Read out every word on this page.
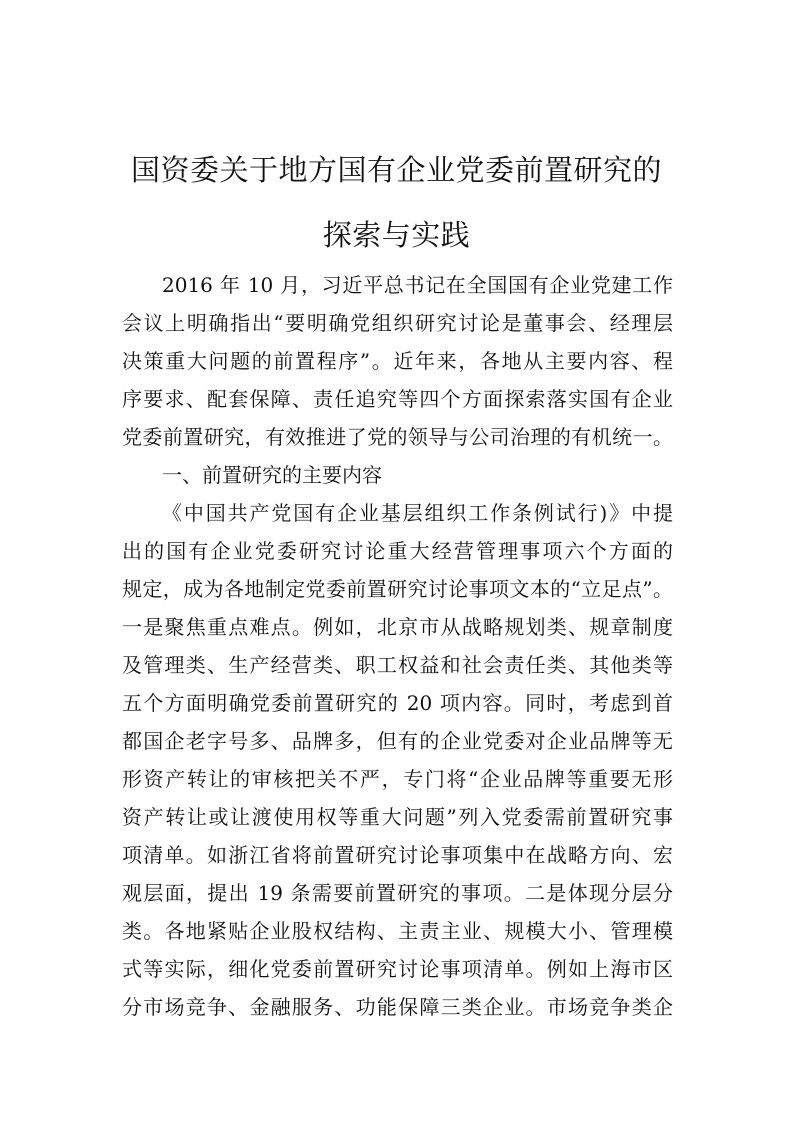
国资委关于地方国有企业党委前置研究的
探索与实践
2016 年 10 月，习近平总书记在全国国有企业党建工作
会议上明确指出“要明确党组织研究讨论是董事会、经理层
决策重大问题的前置程序”。近年来，各地从主要内容、程
序要求、配套保障、责任追究等四个方面探索落实国有企业
党委前置研究，有效推进了党的领导与公司治理的有机统一。
一、前置研究的主要内容
《中国共产党国有企业基层组织工作条例试行)》中提
出的国有企业党委研究讨论重大经营管理事项六个方面的
规定，成为各地制定党委前置研究讨论事项文本的“立足点”。
一是聚焦重点难点。例如，北京市从战略规划类、规章制度
及管理类、生产经营类、职工权益和社会责任类、其他类等
五个方面明确党委前置研究的 20 项内容。同时，考虑到首
都国企老字号多、品牌多，但有的企业党委对企业品牌等无
形资产转让的审核把关不严，专门将“企业品牌等重要无形
资产转让或让渡使用权等重大问题”列入党委需前置研究事
项清单。如浙江省将前置研究讨论事项集中在战略方向、宏
观层面，提出 19 条需要前置研究的事项。二是体现分层分
类。各地紧贴企业股权结构、主责主业、规模大小、管理模
式等实际，细化党委前置研究讨论事项清单。例如上海市区
分市场竞争、金融服务、功能保障三类企业。市场竞争类企
